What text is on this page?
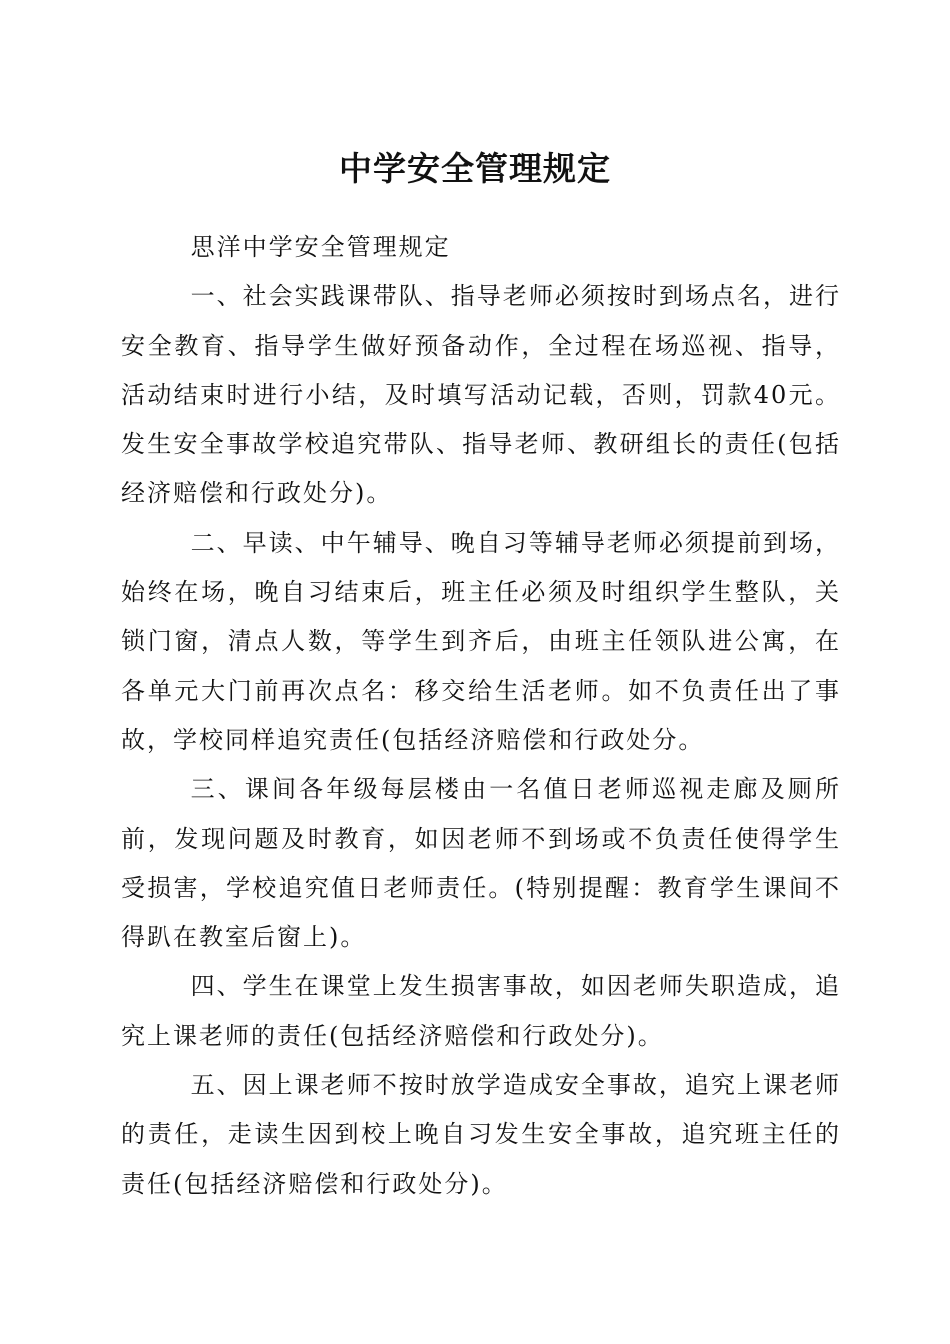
中学安全管理规定

思洋中学安全管理规定

一、社会实践课带队、指导老师必须按时到场点名，进行安全教育、指导学生做好预备动作，全过程在场巡视、指导，活动结束时进行小结，及时填写活动记载，否则，罚款40元。发生安全事故学校追究带队、指导老师、教研组长的责任(包括经济赔偿和行政处分)。

二、早读、中午辅导、晚自习等辅导老师必须提前到场，始终在场，晚自习结束后，班主任必须及时组织学生整队，关锁门窗，清点人数，等学生到齐后，由班主任领队进公寓，在各单元大门前再次点名：移交给生活老师。如不负责任出了事故，学校同样追究责任(包括经济赔偿和行政处分。

三、课间各年级每层楼由一名值日老师巡视走廊及厕所前，发现问题及时教育，如因老师不到场或不负责任使得学生受损害，学校追究值日老师责任。(特别提醒：教育学生课间不得趴在教室后窗上)。

四、学生在课堂上发生损害事故，如因老师失职造成，追究上课老师的责任(包括经济赔偿和行政处分)。

五、因上课老师不按时放学造成安全事故，追究上课老师的责任，走读生因到校上晚自习发生安全事故，追究班主任的责任(包括经济赔偿和行政处分)。
